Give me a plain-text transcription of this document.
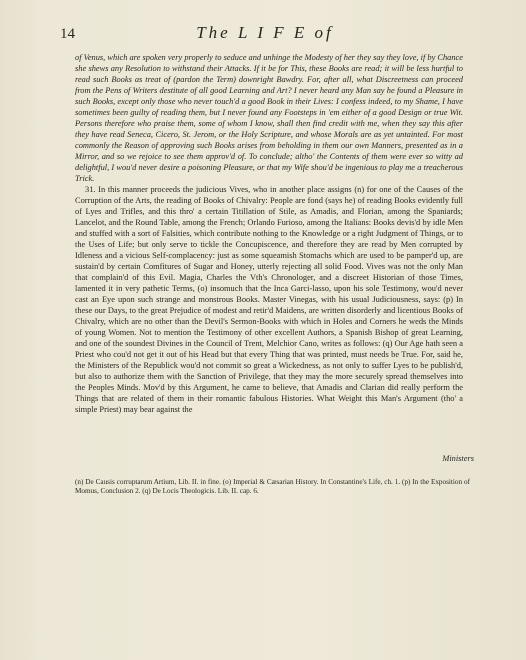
14	The L I F E of

of Venus, which are spoken very properly to seduce and unhinge the Modesty of her they say they love, if by Chance she shews any Resolution to withstand their Attacks. If it be for This, these Books are read; it will be less hurtful to read such Books as treat of (pardon the Term) downright Bawdry. For, after all, what Discreetness can proceed from the Pens of Writers destitute of all good Learning and Art? I never heard any Man say he found a Pleasure in such Books, except only those who never touch'd a good Book in their Lives: I confess indeed, to my Shame, I have sometimes been guilty of reading them, but I never found any Footsteps in 'em either of a good Design or true Wit. Persons therefore who praise them, some of whom I know, shall then find credit with me, when they say this after they have read Seneca, Cicero, St. Jerom, or the Holy Scripture, and whose Morals are as yet untainted. For most commonly the Reason of approving such Books arises from beholding in them our own Manners, presented as in a Mirror, and so we rejoice to see them approv'd of. To conclude; altho' the Contents of them were ever so witty ad delightful, I wou'd never desire a poisoning Pleasure, or that my Wife shou'd be ingenious to play me a treacherous Trick.

31. In this manner proceeds the judicious Vives, who in another place assigns (n) for one of the Causes of the Corruption of the Arts, the reading of Books of Chivalry: People are fond (says he) of reading Books evidently full of Lyes and Trifles, and this thro' a certain Titillation of Stile, as Amadis, and Florian, among the Spaniards; Lancelot, and the Round Table, among the French; Orlando Furioso, among the Italians: Books devis'd by idle Men and stuffed with a sort of Falsities, which contribute nothing to the Knowledge or a right Judgment of Things, or to the Uses of Life; but only serve to tickle the Concupiscence, and therefore they are read by Men corrupted by Idleness and a vicious Self-complacency: just as some squeamish Stomachs which are used to be pamper'd up, are sustain'd by certain Comfitures of Sugar and Honey, utterly rejecting all solid Food. Vives was not the only Man that complain'd of this Evil. Magia, Charles the Vth's Chronologer, and a discreet Historian of those Times, lamented it in very pathetic Terms, (o) insomuch that the Inca Garci-lasso, upon his sole Testimony, wou'd never cast an Eye upon such strange and monstrous Books. Master Vinegas, with his usual Judiciousness, says: (p) In these our Days, to the great Prejudice of modest and retir'd Maidens, are written disorderly and licentious Books of Chivalry, which are no other than the Devil's Sermon-Books with which in Holes and Corners he weds the Minds of young Women. Not to mention the Testimony of other excellent Authors, a Spanish Bishop of great Learning, and one of the soundest Divines in the Council of Trent, Melchior Cano, writes as follows: (q) Our Age hath seen a Priest who cou'd not get it out of his Head but that every Thing that was printed, must needs be True. For, said he, the Ministers of the Republick wou'd not commit so great a Wickedness, as not only to suffer Lyes to be publish'd, but also to authorize them with the Sanction of Privilege, that they may the more securely spread themselves into the Peoples Minds. Mov'd by this Argument, he came to believe, that Amadis and Clarian did really perform the Things that are related of them in their romantic fabulous Histories. What Weight this Man's Argument (tho' a simple Priest) may bear against the

Ministers
(n) De Causis corruptarum Artium, Lib. II. in fine. (o) Imperial & Cæsarian History. In Constantine's Life, ch. 1. (p) In the Exposition of Momus, Conclusion 2. (q) De Locis Theologicis. Lib. II. cap. 6.
